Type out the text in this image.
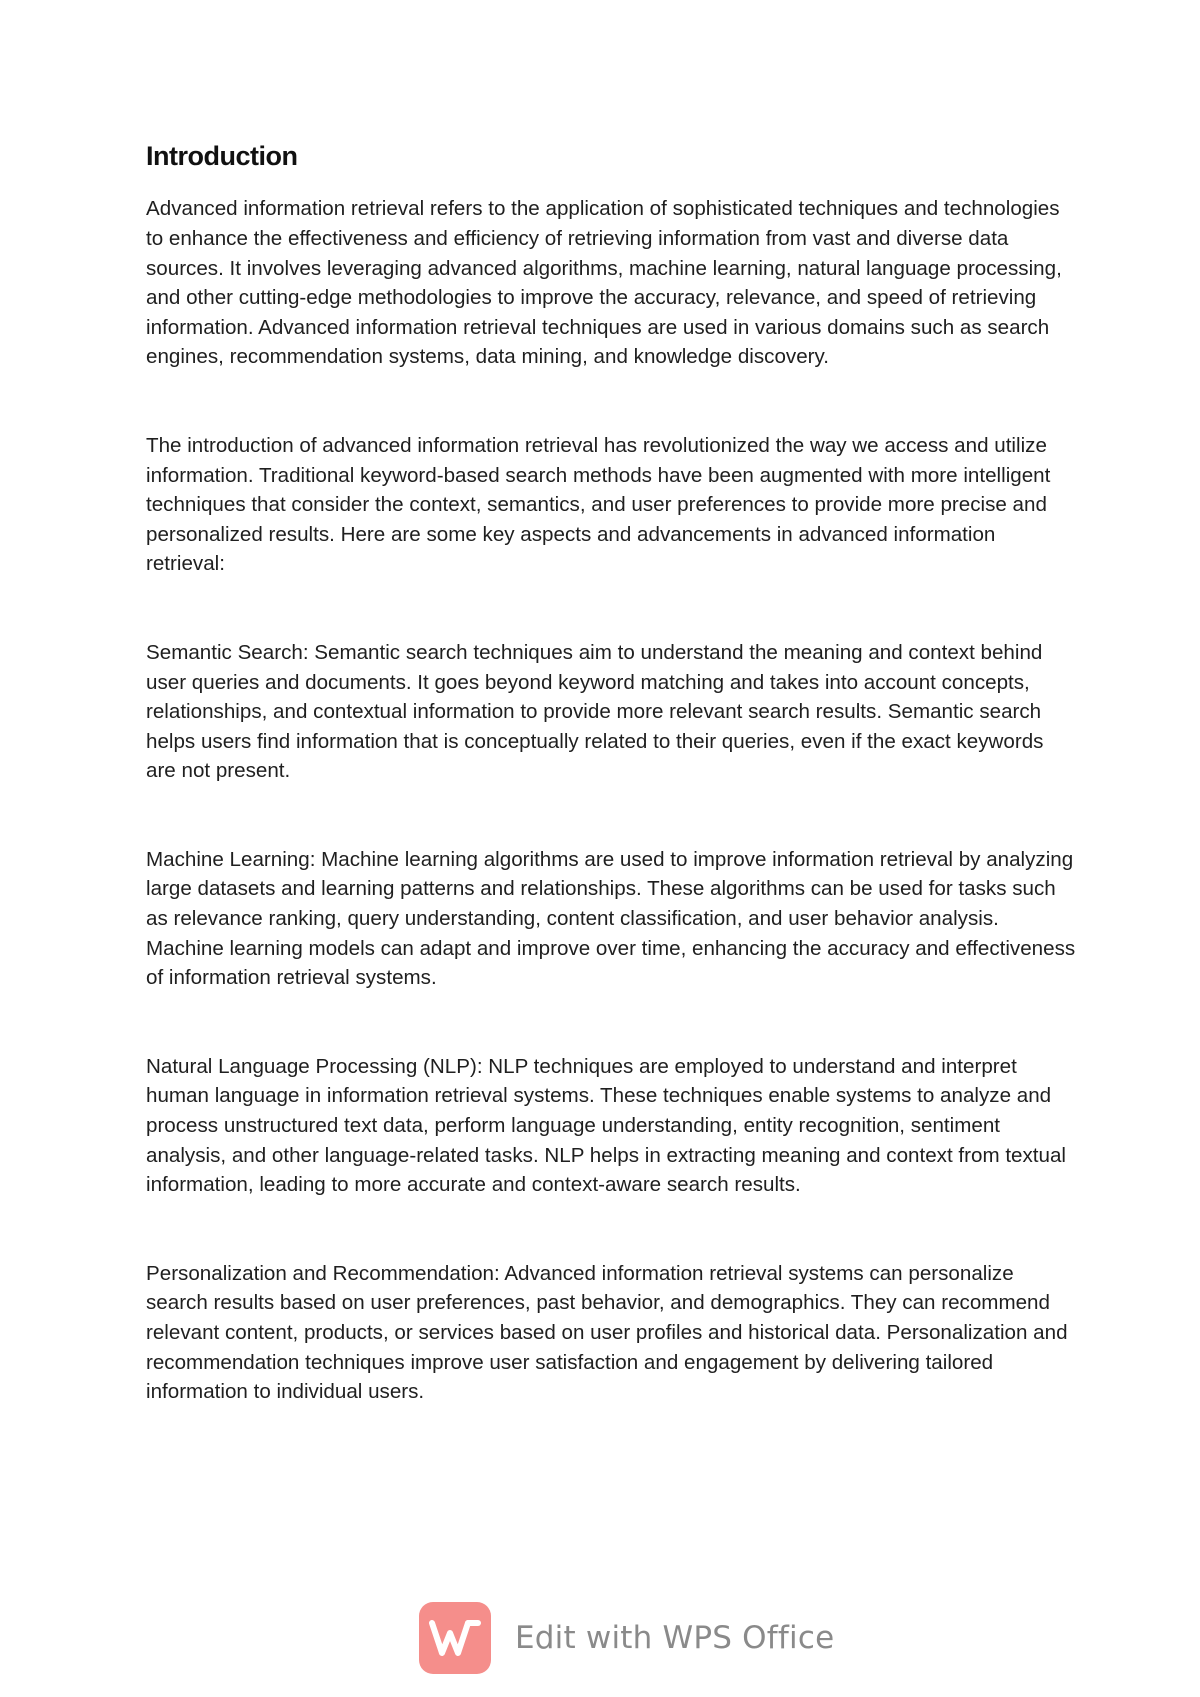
Introduction

Advanced information retrieval refers to the application of sophisticated techniques and technologies to enhance the effectiveness and efficiency of retrieving information from vast and diverse data sources. It involves leveraging advanced algorithms, machine learning, natural language processing, and other cutting-edge methodologies to improve the accuracy, relevance, and speed of retrieving information. Advanced information retrieval techniques are used in various domains such as search engines, recommendation systems, data mining, and knowledge discovery.

The introduction of advanced information retrieval has revolutionized the way we access and utilize information. Traditional keyword-based search methods have been augmented with more intelligent techniques that consider the context, semantics, and user preferences to provide more precise and personalized results. Here are some key aspects and advancements in advanced information retrieval:

Semantic Search: Semantic search techniques aim to understand the meaning and context behind user queries and documents. It goes beyond keyword matching and takes into account concepts, relationships, and contextual information to provide more relevant search results. Semantic search helps users find information that is conceptually related to their queries, even if the exact keywords are not present.

Machine Learning: Machine learning algorithms are used to improve information retrieval by analyzing large datasets and learning patterns and relationships. These algorithms can be used for tasks such as relevance ranking, query understanding, content classification, and user behavior analysis. Machine learning models can adapt and improve over time, enhancing the accuracy and effectiveness of information retrieval systems.

Natural Language Processing (NLP): NLP techniques are employed to understand and interpret human language in information retrieval systems. These techniques enable systems to analyze and process unstructured text data, perform language understanding, entity recognition, sentiment analysis, and other language-related tasks. NLP helps in extracting meaning and context from textual information, leading to more accurate and context-aware search results.

Personalization and Recommendation: Advanced information retrieval systems can personalize search results based on user preferences, past behavior, and demographics. They can recommend relevant content, products, or services based on user profiles and historical data. Personalization and recommendation techniques improve user satisfaction and engagement by delivering tailored information to individual users.

Edit with WPS Office
